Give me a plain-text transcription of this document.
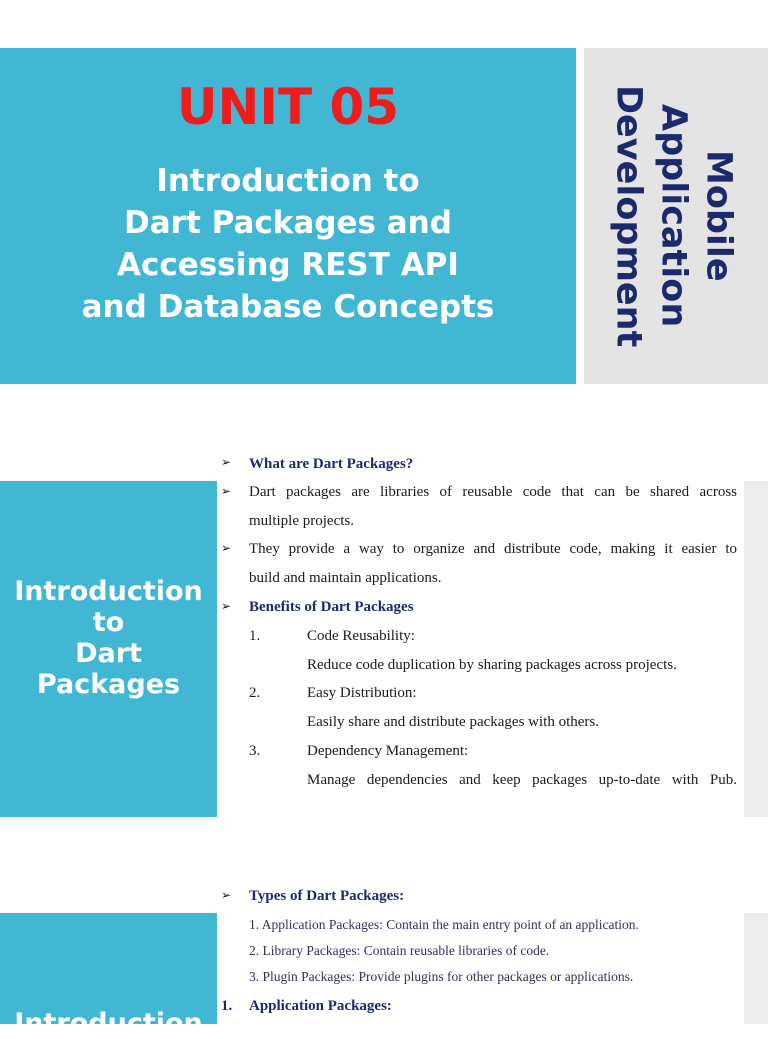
UNIT 05
Introduction to
Dart Packages and
Accessing REST API
and Database Concepts
Mobile
Application
Development
Introduction
to
Dart
Packages
➢ What are Dart Packages?
➢ Dart packages are libraries of reusable code that can be shared across
multiple projects.
➢ They provide a way to organize and distribute code, making it easier to
build and maintain applications.
➢ Benefits of Dart Packages
1.	Code Reusability:
Reduce code duplication by sharing packages across projects.
2.	Easy Distribution:
Easily share and distribute packages with others.
3.	Dependency Management:
Manage dependencies and keep packages up-to-date with Pub.
Introduction
➢ Types of Dart Packages:
1. Application Packages: Contain the main entry point of an application.
2. Library Packages: Contain reusable libraries of code.
3. Plugin Packages: Provide plugins for other packages or applications.
1. Application Packages:
